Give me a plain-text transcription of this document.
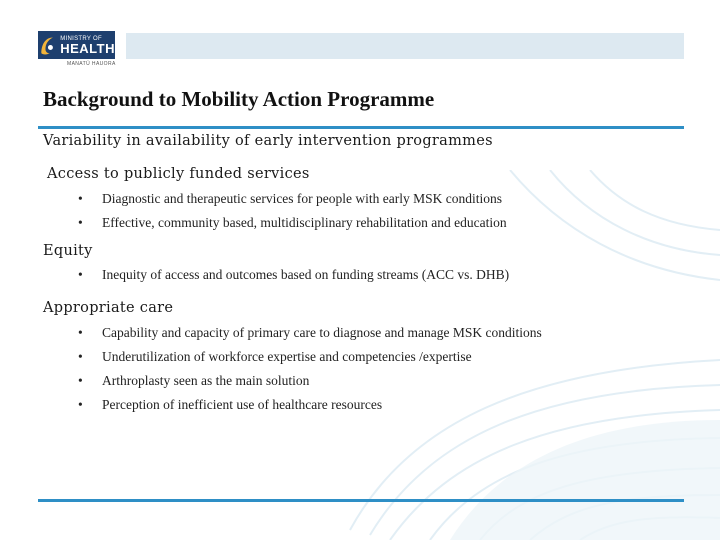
MINISTRY OF
HEALTH
MANATŪ HAUORA
Background to Mobility Action Programme
Variability in availability of early intervention programmes
Access to publicly funded services
•	Diagnostic and therapeutic services for people with early MSK conditions
•	Effective, community based, multidisciplinary rehabilitation and education
Equity
•	Inequity of access and outcomes based on funding streams (ACC vs. DHB)
Appropriate care
•	Capability and capacity of primary care to diagnose and manage MSK conditions
•	Underutilization of workforce expertise and competencies /expertise
•	Arthroplasty seen as the main solution
•	Perception of inefficient use of healthcare resources
